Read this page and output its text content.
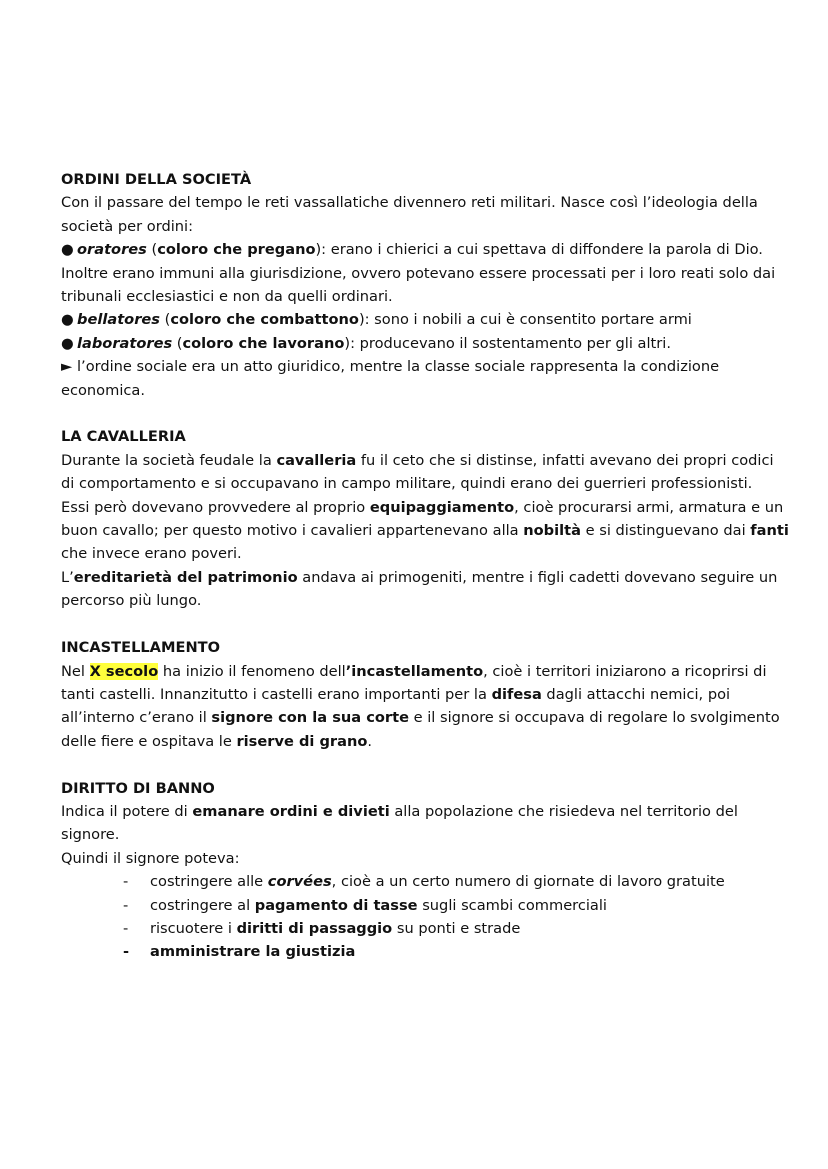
ORDINI DELLA SOCIETÀ

Con il passare del tempo le reti vassallatiche divennero reti militari. Nasce così l’ideologia della società per ordini:

● oratores (coloro che pregano): erano i chierici a cui spettava di diffondere la parola di Dio. Inoltre erano immuni alla giurisdizione, ovvero potevano essere processati per i loro reati solo dai tribunali ecclesiastici e non da quelli ordinari.

● bellatores (coloro che combattono): sono i nobili a cui è consentito portare armi

● laboratores (coloro che lavorano): producevano il sostentamento per gli altri.

► l’ordine sociale era un atto giuridico, mentre la classe sociale rappresenta la condizione economica.

LA CAVALLERIA

Durante la società feudale la cavalleria fu il ceto che si distinse, infatti avevano dei propri codici di comportamento e si occupavano in campo militare, quindi erano dei guerrieri professionisti.

Essi però dovevano provvedere al proprio equipaggiamento, cioè procurarsi armi, armatura e un buon cavallo; per questo motivo i cavalieri appartenevano alla nobiltà e si distinguevano dai fanti che invece erano poveri.

L’ereditarietà del patrimonio andava ai primogeniti, mentre i figli cadetti dovevano seguire un percorso più lungo.

INCASTELLAMENTO

Nel X secolo ha inizio il fenomeno dell’incastellamento, cioè i territori iniziarono a ricoprirsi di tanti castelli. Innanzitutto i castelli erano importanti per la difesa dagli attacchi nemici, poi all’interno c’erano il signore con la sua corte e il signore si occupava di regolare lo svolgimento delle fiere e ospitava le riserve di grano.

DIRITTO DI BANNO

Indica il potere di emanare ordini e divieti alla popolazione che risiedeva nel territorio del signore.

Quindi il signore poteva:

- costringere alle corvées, cioè a un certo numero di giornate di lavoro gratuite
- costringere al pagamento di tasse sugli scambi commerciali
- riscuotere i diritti di passaggio su ponti e strade
- amministrare la giustizia
